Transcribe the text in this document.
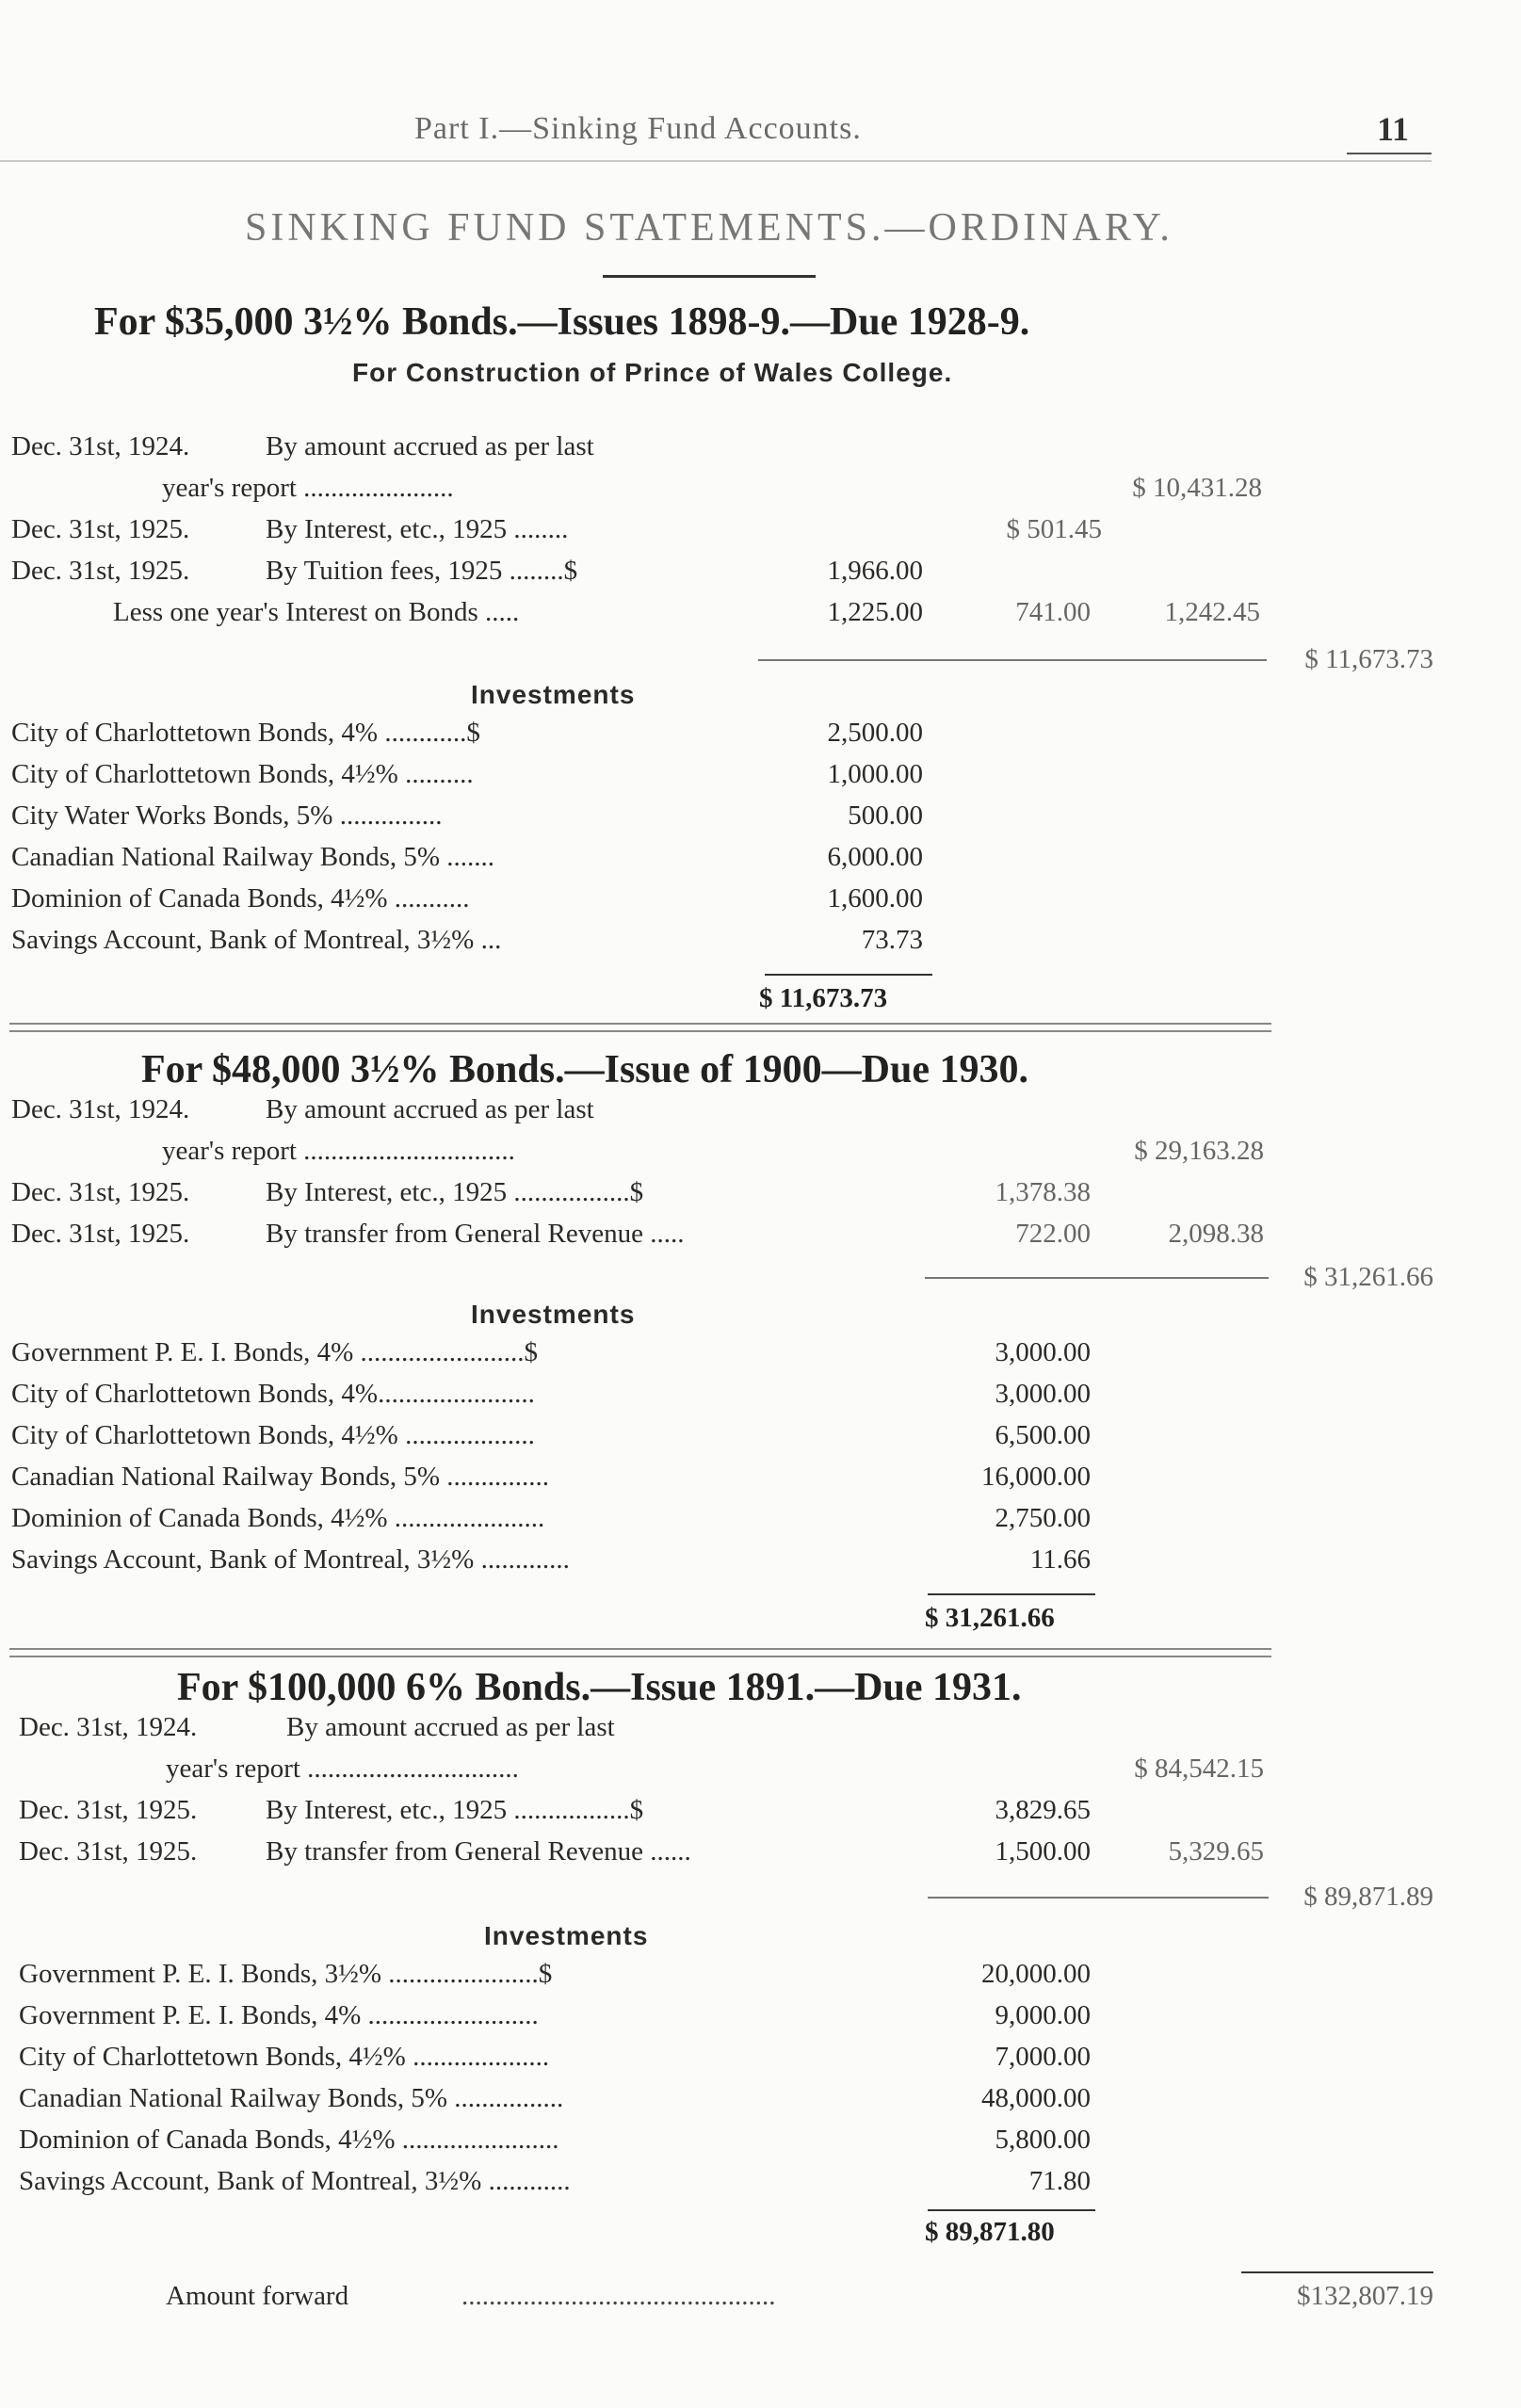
Part I.—Sinking Fund Accounts.	11
SINKING FUND STATEMENTS.—ORDINARY.
For $35,000 3½% Bonds.—Issues 1898-9.—Due 1928-9.
For Construction of Prince of Wales College.
Dec. 31st, 1924.	By amount accrued as per last
year's report ......................	$ 10,431.28
Dec. 31st, 1925.	By Interest, etc., 1925 ........	$ 501.45
Dec. 31st, 1925.	By Tuition fees, 1925 ........$	1,966.00
Less one year's Interest on Bonds .....	1,225.00	741.00	1,242.45
$ 11,673.73
Investments
City of Charlottetown Bonds, 4% ............$	2,500.00
City of Charlottetown Bonds, 4½% ..........	1,000.00
City Water Works Bonds, 5% ...............	500.00
Canadian National Railway Bonds, 5% .......	6,000.00
Dominion of Canada Bonds, 4½% ...........	1,600.00
Savings Account, Bank of Montreal, 3½% ...	73.73
$ 11,673.73
For $48,000 3½% Bonds.—Issue of 1900—Due 1930.
Dec. 31st, 1924.	By amount accrued as per last
year's report ...............................	$ 29,163.28
Dec. 31st, 1925.	By Interest, etc., 1925 .................$	1,378.38
Dec. 31st, 1925.	By transfer from General Revenue .....	722.00	2,098.38
$ 31,261.66
Investments
Government P. E. I. Bonds, 4% ........................$	3,000.00
City of Charlottetown Bonds, 4%.......................	3,000.00
City of Charlottetown Bonds, 4½% ...................	6,500.00
Canadian National Railway Bonds, 5% ...............	16,000.00
Dominion of Canada Bonds, 4½% ......................	2,750.00
Savings Account, Bank of Montreal, 3½% .............	11.66
$ 31,261.66
For $100,000 6% Bonds.—Issue 1891.—Due 1931.
Dec. 31st, 1924.	By amount accrued as per last
year's report ...............................	$ 84,542.15
Dec. 31st, 1925.	By Interest, etc., 1925 .................$	3,829.65
Dec. 31st, 1925.	By transfer from General Revenue ......	1,500.00	5,329.65
$ 89,871.89
Investments
Government P. E. I. Bonds, 3½% ......................$	20,000.00
Government P. E. I. Bonds, 4% .........................	9,000.00
City of Charlottetown Bonds, 4½% ....................	7,000.00
Canadian National Railway Bonds, 5% ................	48,000.00
Dominion of Canada Bonds, 4½% .......................	5,800.00
Savings Account, Bank of Montreal, 3½% ............	71.80
$ 89,871.80
Amount forward	..............................................	$132,807.19
